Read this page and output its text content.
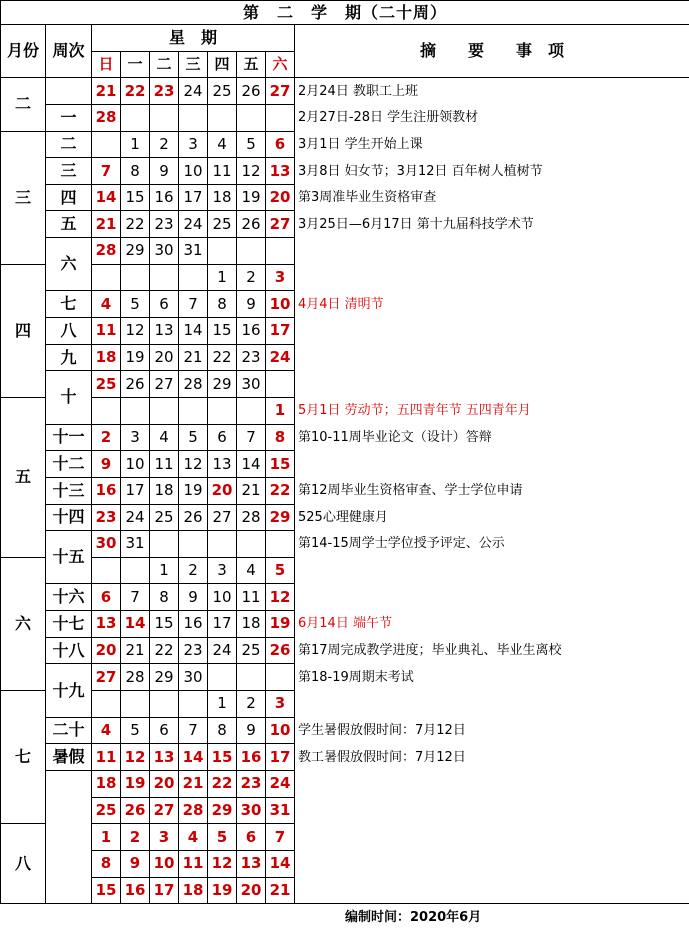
第　二　学　期（二十周）									
月份	周次	星　期							摘　　要　　事　项
		日	一	二	三	四	五	六	
二		21	22	23	24	25	26	27	2月24日 教职工上班
	一	28							2月27日-28日 学生注册领教材
三	二		1	2	3	4	5	6	3月1日 学生开始上课
	三	7	8	9	10	11	12	13	3月8日 妇女节；3月12日 百年树人植树节
	四	14	15	16	17	18	19	20	第3周准毕业生资格审查
	五	21	22	23	24	25	26	27	3月25日—6月17日 第十九届科技学术节
	六	28	29	30	31				
四						1	2	3	
	七	4	5	6	7	8	9	10	4月4日 清明节
	八	11	12	13	14	15	16	17	
	九	18	19	20	21	22	23	24	
	十	25	26	27	28	29	30		
五								1	5月1日 劳动节；五四青年节 五四青年月
	十一	2	3	4	5	6	7	8	第10-11周毕业论文（设计）答辩
	十二	9	10	11	12	13	14	15	
	十三	16	17	18	19	20	21	22	第12周毕业生资格审查、学士学位申请
	十四	23	24	25	26	27	28	29	525心理健康月
	十五	30	31						第14-15周学士学位授予评定、公示
六				1	2	3	4	5	
	十六	6	7	8	9	10	11	12	
	十七	13	14	15	16	17	18	19	6月14日 端午节
	十八	20	21	22	23	24	25	26	第17周完成教学进度；毕业典礼、毕业生离校
	十九	27	28	29	30				第18-19周期末考试
七						1	2	3	
	二十	4	5	6	7	8	9	10	学生暑假放假时间：7月12日
	暑假	11	12	13	14	15	16	17	教工暑假放假时间：7月12日
		18	19	20	21	22	23	24	
		25	26	27	28	29	30	31	
八		1	2	3	4	5	6	7	
		8	9	10	11	12	13	14	
		15	16	17	18	19	20	21	
编制时间：2020年6月
